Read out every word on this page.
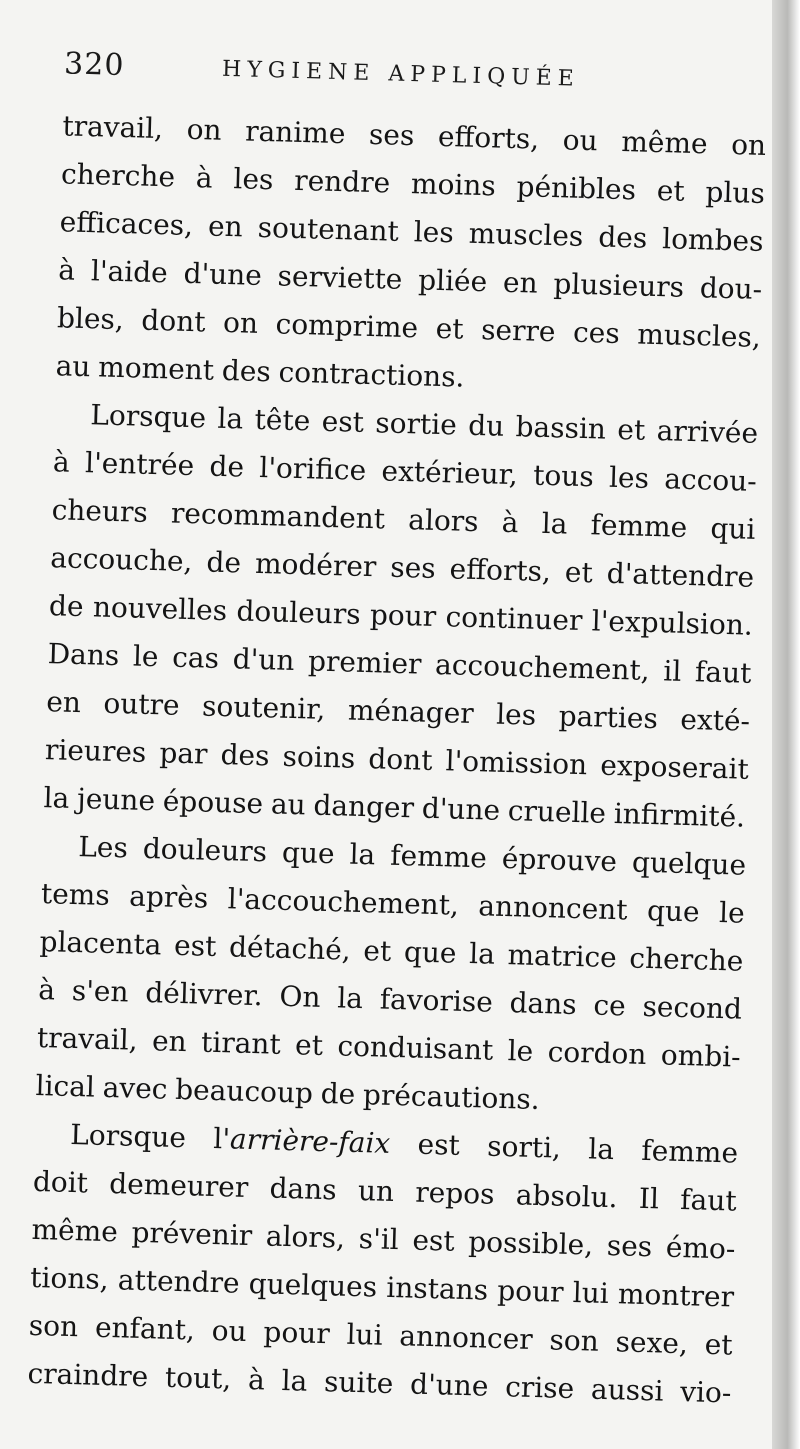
320	HYGIENE APPLIQUÉE
travail, on ranime ses efforts, ou même on
cherche à les rendre moins pénibles et plus
efficaces, en soutenant les muscles des lombes
à l'aide d'une serviette pliée en plusieurs dou-
bles, dont on comprime et serre ces muscles,
au moment des contractions.
Lorsque la tête est sortie du bassin et arrivée
à l'entrée de l'orifice extérieur, tous les accou-
cheurs recommandent alors à la femme qui
accouche, de modérer ses efforts, et d'attendre
de nouvelles douleurs pour continuer l'expulsion.
Dans le cas d'un premier accouchement, il faut
en outre soutenir, ménager les parties exté-
rieures par des soins dont l'omission exposerait
la jeune épouse au danger d'une cruelle infirmité.
Les douleurs que la femme éprouve quelque
tems après l'accouchement, annoncent que le
placenta est détaché, et que la matrice cherche
à s'en délivrer. On la favorise dans ce second
travail, en tirant et conduisant le cordon ombi-
lical avec beaucoup de précautions.
Lorsque l'arrière-faix est sorti, la femme
doit demeurer dans un repos absolu. Il faut
même prévenir alors, s'il est possible, ses émo-
tions, attendre quelques instans pour lui montrer
son enfant, ou pour lui annoncer son sexe, et
craindre tout, à la suite d'une crise aussi vio-
